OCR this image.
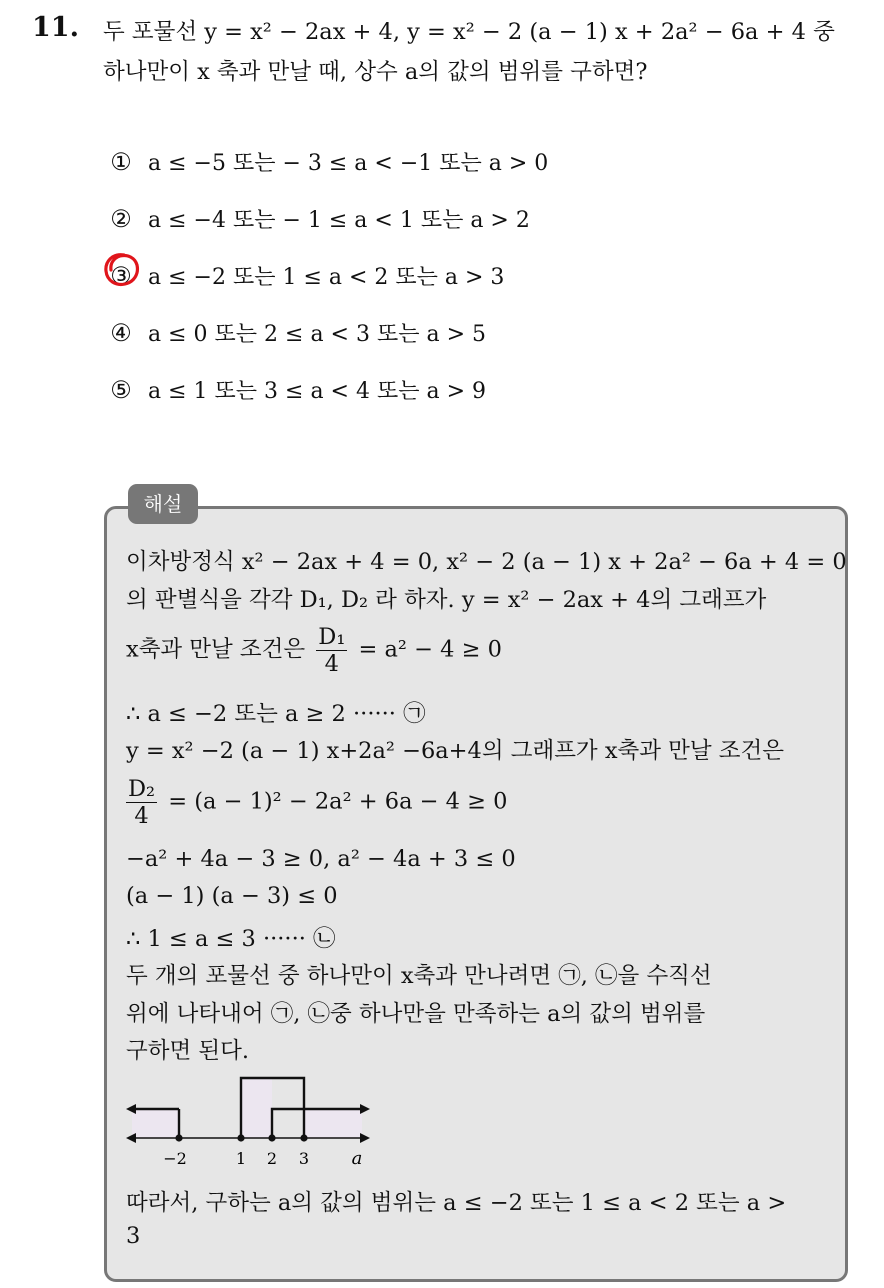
11. 두 포물선 y = x² − 2ax + 4, y = x² − 2 (a − 1) x + 2a² − 6a + 4 중
하나만이 x 축과 만날 때, 상수 a의 값의 범위를 구하면?
① a ≤ −5 또는 − 3 ≤ a < −1 또는 a > 0
② a ≤ −4 또는 − 1 ≤ a < 1 또는 a > 2
③ a ≤ −2 또는 1 ≤ a < 2 또는 a > 3
④ a ≤ 0 또는 2 ≤ a < 3 또는 a > 5
⑤ a ≤ 1 또는 3 ≤ a < 4 또는 a > 9
해설
이차방정식 x² − 2ax + 4 = 0, x² − 2 (a − 1) x + 2a² − 6a + 4 = 0
의 판별식을 각각 D₁, D₂ 라 하자. y = x² − 2ax + 4의 그래프가
x축과 만날 조건은 $\frac{\text{D₁}}{4} = a^2 - 4 \ge 0$
∴ a ≤ −2 또는 a ≥ 2 ······ ㉠
y = x² −2 (a − 1) x+2a² −6a+4의 그래프가 x축과 만날 조건은
$\frac{\text{D₂}}{4} = (a - 1)^2 - 2a^2 + 6a - 4 \ge 0$
−a² + 4a − 3 ≥ 0, a² − 4a + 3 ≤ 0
(a − 1) (a − 3) ≤ 0
∴ 1 ≤ a ≤ 3 ······ ㉡
두 개의 포물선 중 하나만이 x축과 만나려면 ㉠, ㉡을 수직선
위에 나타내어 ㉠, ㉡중 하나만을 만족하는 a의 값의 범위를
구하면 된다.
−2	1 2 3 a
따라서, 구하는 a의 값의 범위는 a ≤ −2 또는 1 ≤ a < 2 또는 a >
3
